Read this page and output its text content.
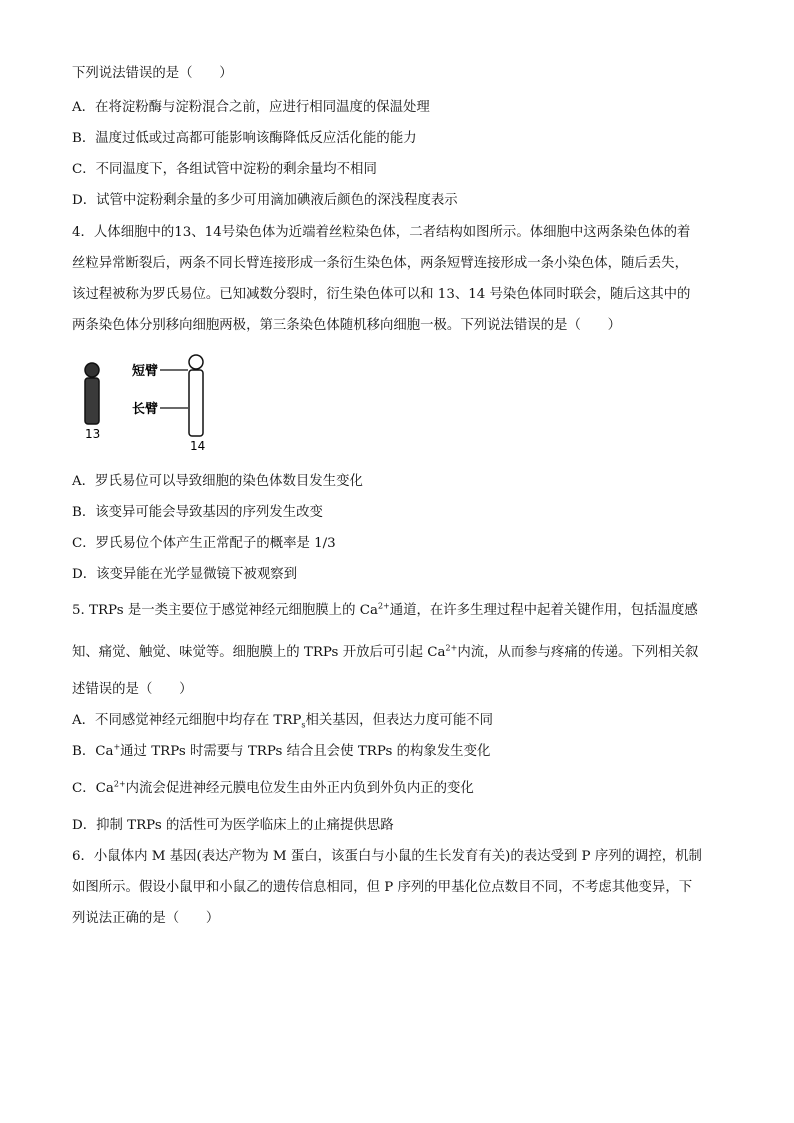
下列说法错误的是（　　）
A．在将淀粉酶与淀粉混合之前，应进行相同温度的保温处理
B．温度过低或过高都可能影响该酶降低反应活化能的能力
C．不同温度下，各组试管中淀粉的剩余量均不相同
D．试管中淀粉剩余量的多少可用滴加碘液后颜色的深浅程度表示
4．人体细胞中的13、14号染色体为近端着丝粒染色体，二者结构如图所示。体细胞中这两条染色体的着
丝粒异常断裂后，两条不同长臂连接形成一条衍生染色体，两条短臂连接形成一条小染色体，随后丢失，
该过程被称为罗氏易位。已知减数分裂时，衍生染色体可以和 13、14 号染色体同时联会，随后这其中的
两条染色体分别移向细胞两极，第三条染色体随机移向细胞一极。下列说法错误的是（　　）
短臂
长臂
13
14
A．罗氏易位可以导致细胞的染色体数目发生变化
B．该变异可能会导致基因的序列发生改变
C．罗氏易位个体产生正常配子的概率是 1/3
D．该变异能在光学显微镜下被观察到
5. TRPs 是一类主要位于感觉神经元细胞膜上的 $Ca^{2+}$通道，在许多生理过程中起着关键作用，包括温度感
知、痛觉、触觉、味觉等。细胞膜上的 TRPs 开放后可引起 $Ca^{2+}$内流，从而参与疼痛的传递。下列相关叙
述错误的是（　　）
A．不同感觉神经元细胞中均存在 $TRP_s$相关基因，但表达力度可能不同
B．Ca+通过 TRPs 时需要与 TRPs 结合且会使 TRPs 的构象发生变化
C．$Ca^{2+}$内流会促进神经元膜电位发生由外正内负到外负内正的变化
D．抑制 TRPs 的活性可为医学临床上的止痛提供思路
6．小鼠体内 M 基因(表达产物为 M 蛋白，该蛋白与小鼠的生长发育有关)的表达受到 P 序列的调控，机制
如图所示。假设小鼠甲和小鼠乙的遗传信息相同，但 P 序列的甲基化位点数目不同，不考虑其他变异，下
列说法正确的是（　　）
